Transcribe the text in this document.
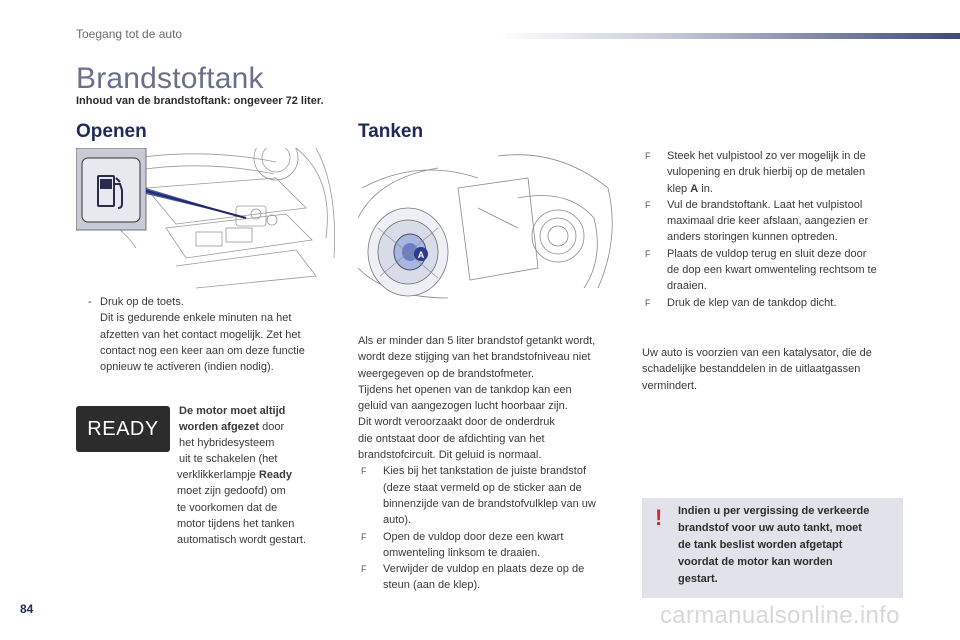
Toegang tot de auto
Brandstoftank
Inhoud van de brandstoftank: ongeveer 72 liter.
Openen
- Druk op de toets.
Dit is gedurende enkele minuten na het
afzetten van het contact mogelijk. Zet het
contact nog een keer aan om deze functie
opnieuw te activeren (indien nodig).
READY
De motor moet altijd
worden afgezet door
het hybridesysteem
uit te schakelen (het
verklikkerlampje Ready
moet zijn gedoofd) om
te voorkomen dat de
motor tijdens het tanken
automatisch wordt gestart.
Tanken
A
Als er minder dan 5 liter brandstof getankt wordt,
wordt deze stijging van het brandstofniveau niet
weergegeven op de brandstofmeter.
Tijdens het openen van de tankdop kan een
geluid van aangezogen lucht hoorbaar zijn.
Dit wordt veroorzaakt door de onderdruk
die ontstaat door de afdichting van het
brandstofcircuit. Dit geluid is normaal.
F Kies bij het tankstation de juiste brandstof
(deze staat vermeld op de sticker aan de
binnenzijde van de brandstofvulklep van uw
auto).
F Open de vuldop door deze een kwart
omwenteling linksom te draaien.
F Verwijder de vuldop en plaats deze op de
steun (aan de klep).
F Steek het vulpistool zo ver mogelijk in de
vulopening en druk hierbij op de metalen
klep A in.
F Vul de brandstoftank. Laat het vulpistool
maximaal drie keer afslaan, aangezien er
anders storingen kunnen optreden.
F Plaats de vuldop terug en sluit deze door
de dop een kwart omwenteling rechtsom te
draaien.
F Druk de klep van de tankdop dicht.
Uw auto is voorzien van een katalysator, die de
schadelijke bestanddelen in de uitlaatgassen
vermindert.
! Indien u per vergissing de verkeerde
brandstof voor uw auto tankt, moet
de tank beslist worden afgetapt
voordat de motor kan worden
gestart.
84	carmanualsonline.info
